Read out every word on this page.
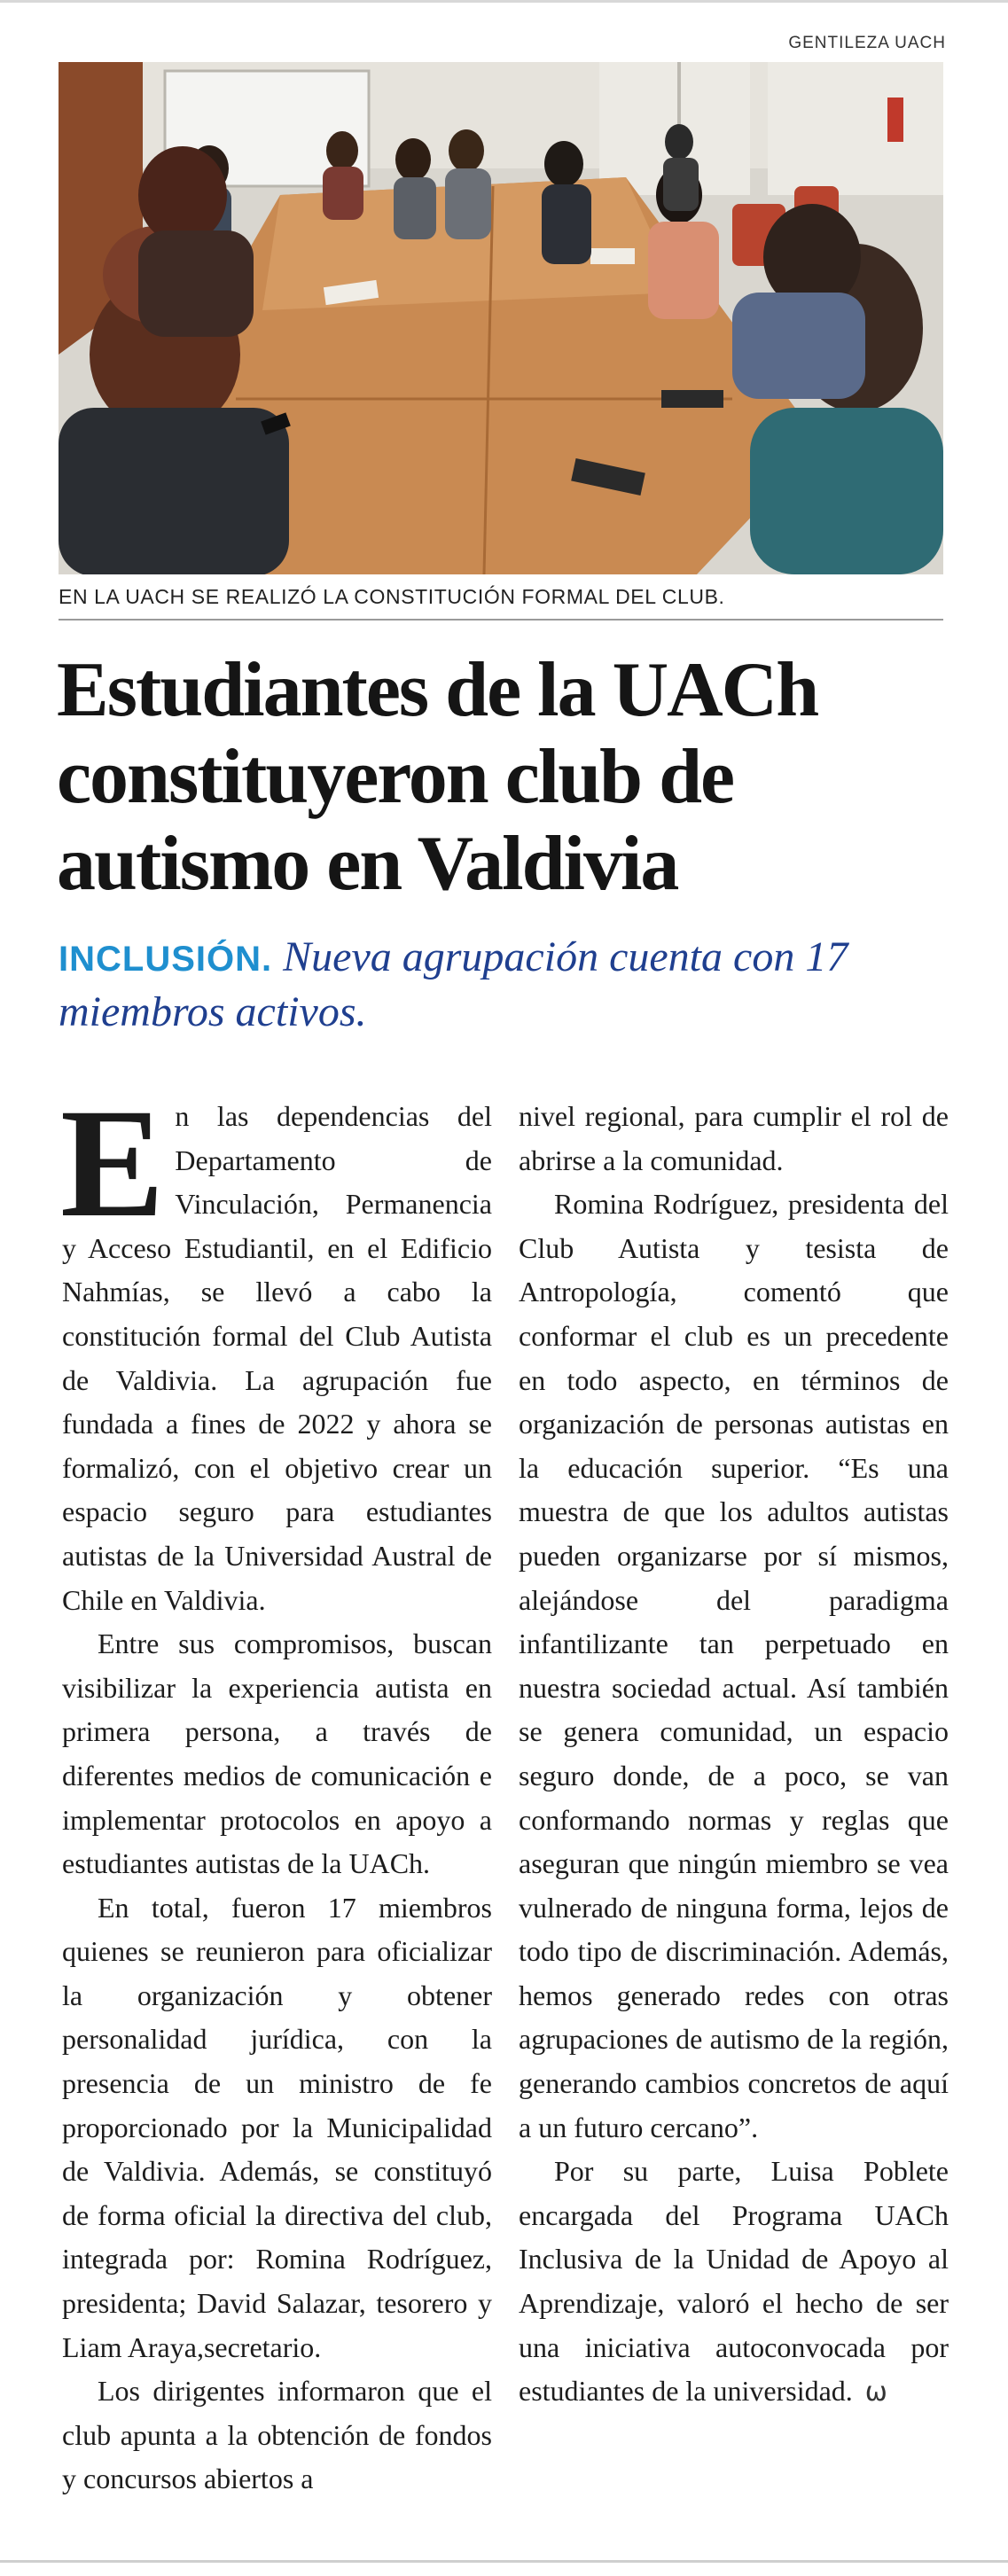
GENTILEZA UACH
EN LA UACH SE REALIZÓ LA CONSTITUCIÓN FORMAL DEL CLUB.
Estudiantes de la UACh
constituyeron club de
autismo en Valdivia
INCLUSIÓN. Nueva agrupación cuenta con 17 miembros activos.

En las dependencias del Departamento de Vinculación, Permanencia y Acceso Estudiantil, en el Edificio Nahmías, se llevó a cabo la constitución formal del Club Autista de Valdivia. La agrupación fue fundada a fines de 2022 y ahora se formalizó, con el objetivo crear un espacio seguro para estudiantes autistas de la Universidad Austral de Chile en Valdivia.

Entre sus compromisos, buscan visibilizar la experiencia autista en primera persona, a través de diferentes medios de comunicación e implementar protocolos en apoyo a estudiantes autistas de la UACh.

En total, fueron 17 miembros quienes se reunieron para oficializar la organización y obtener personalidad jurídica, con la presencia de un ministro de fe proporcionado por la Municipalidad de Valdivia. Además, se constituyó de forma oficial la directiva del club, integrada por: Romina Rodríguez, presidenta; David Salazar, tesorero y Liam Araya,secretario.

Los dirigentes informaron que el club apunta a la obtención de fondos y concursos abiertos a

nivel regional, para cumplir el rol de abrirse a la comunidad.

Romina Rodríguez, presidenta del Club Autista y tesista de Antropología, comentó que conformar el club es un precedente en todo aspecto, en términos de organización de personas autistas en la educación superior. “Es una muestra de que los adultos autistas pueden organizarse por sí mismos, alejándose del paradigma infantilizante tan perpetuado en nuestra sociedad actual. Así también se genera comunidad, un espacio seguro donde, de a poco, se van conformando normas y reglas que aseguran que ningún miembro se vea vulnerado de ninguna forma, lejos de todo tipo de discriminación. Además, hemos generado redes con otras agrupaciones de autismo de la región, generando cambios concretos de aquí a un futuro cercano”.

Por su parte, Luisa Poblete encargada del Programa UACh Inclusiva de la Unidad de Apoyo al Aprendizaje, valoró el hecho de ser una iniciativa autoconvocada por estudiantes de la universidad. ω
